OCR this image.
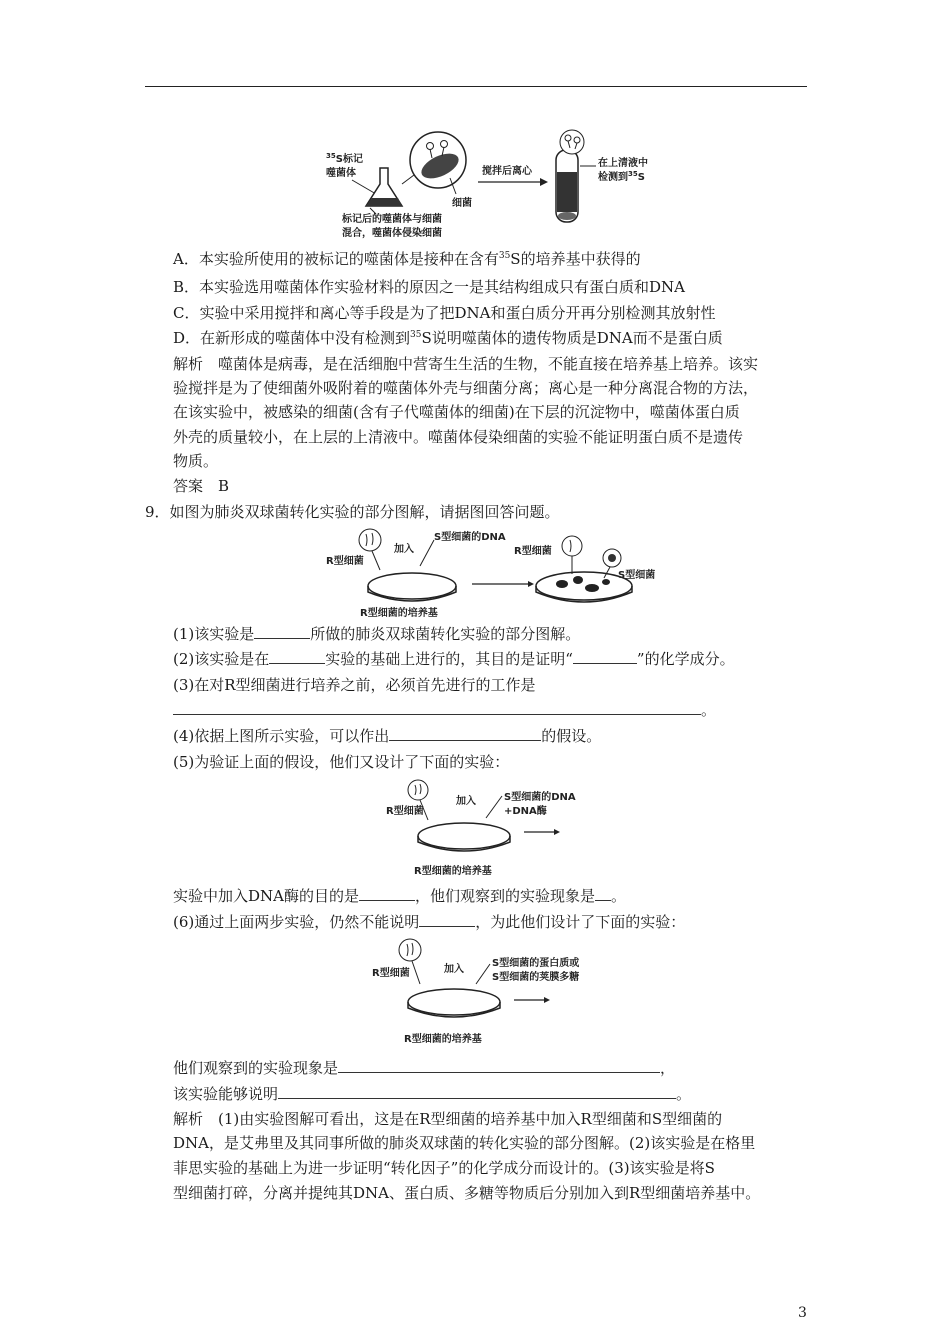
$^{35}$S标记
噬菌体
细菌
标记后的噬菌体与细菌
混合，噬菌体侵染细菌
搅拌后离心
在上清液中
检测到$^{35}$S
A．本实验所使用的被标记的噬菌体是接种在含有$^{35}$S的培养基中获得的
B．本实验选用噬菌体作实验材料的原因之一是其结构组成只有蛋白质和DNA
C．实验中采用搅拌和离心等手段是为了把DNA和蛋白质分开再分别检测其放射性
D．在新形成的噬菌体中没有检测到$^{35}$S说明噬菌体的遗传物质是DNA而不是蛋白质
解析　噬菌体是病毒，是在活细胞中营寄生生活的生物，不能直接在培养基上培养。该实
验搅拌是为了使细菌外吸附着的噬菌体外壳与细菌分离；离心是一种分离混合物的方法，
在该实验中，被感染的细菌(含有子代噬菌体的细菌)在下层的沉淀物中，噬菌体蛋白质
外壳的质量较小，在上层的上清液中。噬菌体侵染细菌的实验不能证明蛋白质不是遗传
物质。
答案　B
9．如图为肺炎双球菌转化实验的部分图解，请据图回答问题。
R型细菌
加入
S型细菌的DNA
R型细菌的培养基
R型细菌
S型细菌
(1)该实验是	所做的肺炎双球菌转化实验的部分图解。
(2)该实验是在	实验的基础上进行的，其目的是证明“	”的化学成分。
(3)在对R型细菌进行培养之前，必须首先进行的工作是
。
(4)依据上图所示实验，可以作出	的假设。
(5)为验证上面的假设，他们又设计了下面的实验：
R型细菌
加入	S型细菌的DNA
+DNA酶
R型细菌的培养基
实验中加入DNA酶的目的是	，他们观察到的实验现象是 。
(6)通过上面两步实验，仍然不能说明	，为此他们设计了下面的实验：
R型细菌	加入
S型细菌的蛋白质或
S型细菌的荚膜多糖
R型细菌的培养基
他们观察到的实验现象是	，
该实验能够说明	。
解析　(1)由实验图解可看出，这是在R型细菌的培养基中加入R型细菌和S型细菌的
DNA，是艾弗里及其同事所做的肺炎双球菌的转化实验的部分图解。(2)该实验是在格里
菲思实验的基础上为进一步证明“转化因子”的化学成分而设计的。(3)该实验是将S
型细菌打碎，分离并提纯其DNA、蛋白质、多糖等物质后分别加入到R型细菌培养基中。
3
